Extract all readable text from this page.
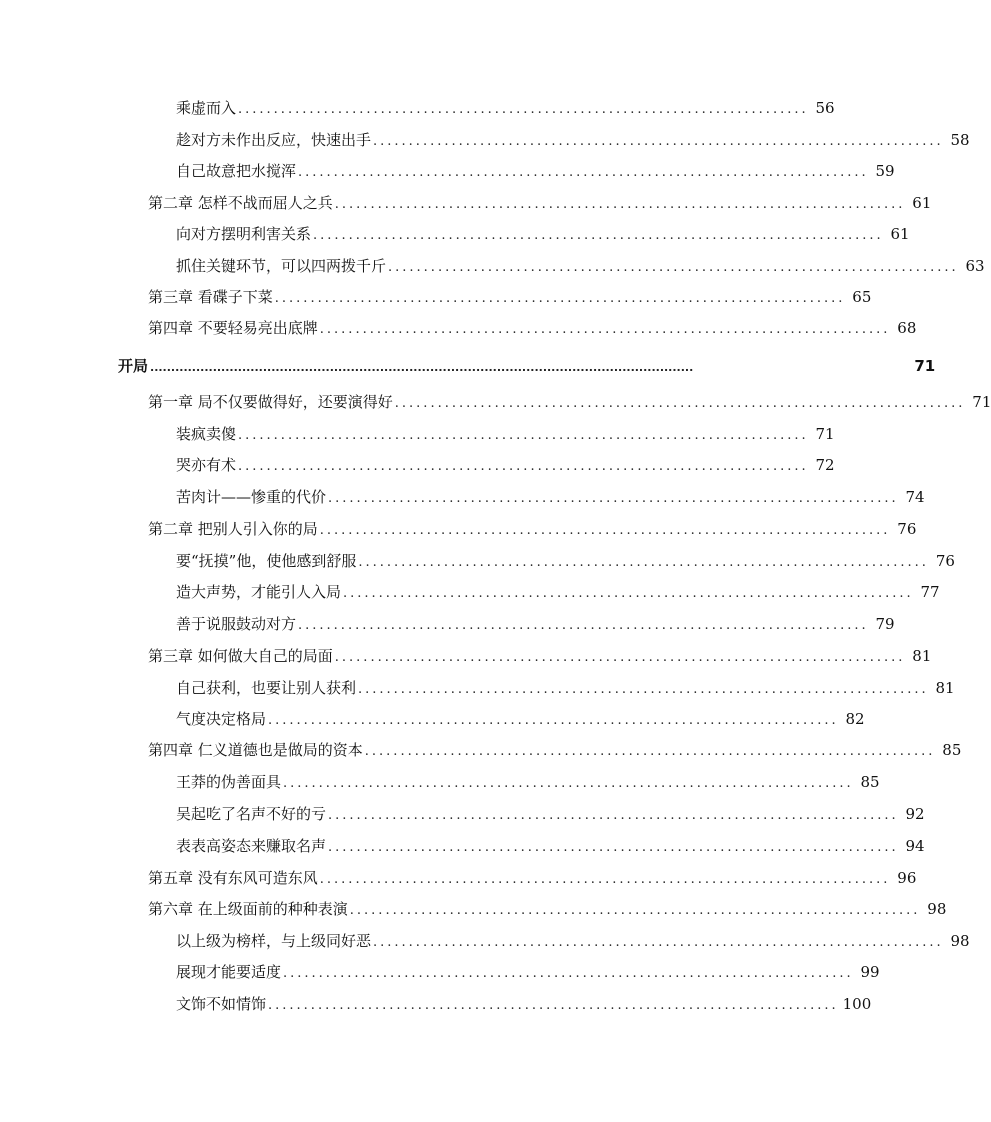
乘虚而入 ................................................................................ 56
趁对方未作出反应，快速出手 ................................................................................ 58
自己故意把水搅浑 ................................................................................ 59
第二章 怎样不战而屈人之兵 ................................................................................ 61
向对方摆明利害关系 ................................................................................ 61
抓住关键环节，可以四两拨千斤 ................................................................................ 63
第三章 看碟子下菜 ................................................................................ 65
第四章 不要轻易亮出底牌 ................................................................................ 68
开局 ..................................................................................................................................	71
第一章 局不仅要做得好，还要演得好 ................................................................................ 71
装疯卖傻 ................................................................................ 71
哭亦有术 ................................................................................ 72
苦肉计——惨重的代价 ................................................................................ 74
第二章 把别人引入你的局 ................................................................................ 76
要“抚摸”他，使他感到舒服 ................................................................................ 76
造大声势，才能引人入局 ................................................................................ 77
善于说服鼓动对方 ................................................................................ 79
第三章 如何做大自己的局面 ................................................................................ 81
自己获利，也要让别人获利 ................................................................................ 81
气度决定格局 ................................................................................ 82
第四章 仁义道德也是做局的资本 ................................................................................ 85
王莽的伪善面具 ................................................................................ 85
吴起吃了名声不好的亏 ................................................................................ 92
表表高姿态来赚取名声 ................................................................................ 94
第五章 没有东风可造东风 ................................................................................ 96
第六章 在上级面前的种种表演 ................................................................................ 98
以上级为榜样，与上级同好恶 ................................................................................ 98
展现才能要适度 ................................................................................ 99
文饰不如情饰 ................................................................................ 100
